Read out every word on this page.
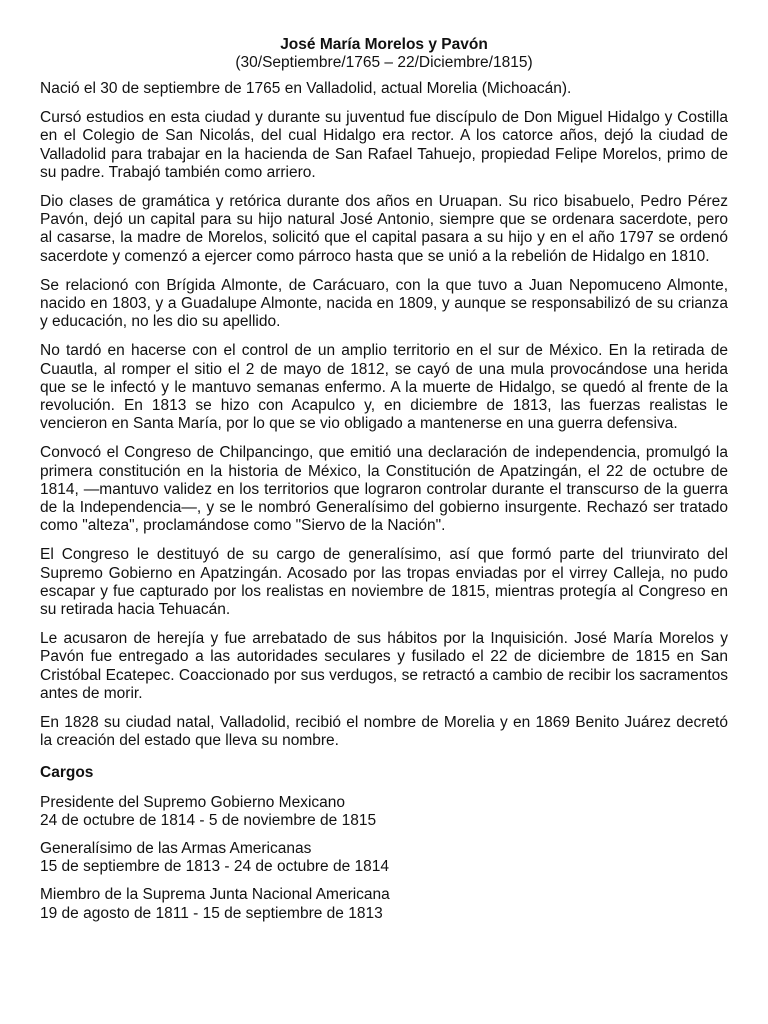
José María Morelos y Pavón

(30/Septiembre/1765 – 22/Diciembre/1815)

Nació el 30 de septiembre de 1765 en Valladolid, actual Morelia (Michoacán).

Cursó estudios en esta ciudad y durante su juventud fue discípulo de Don Miguel Hidalgo y Costilla en el Colegio de San Nicolás, del cual Hidalgo era rector. A los catorce años, dejó la ciudad de Valladolid para trabajar en la hacienda de San Rafael Tahuejo, propiedad Felipe Morelos, primo de su padre. Trabajó también como arriero.

Dio clases de gramática y retórica durante dos años en Uruapan. Su rico bisabuelo, Pedro Pérez Pavón, dejó un capital para su hijo natural José Antonio, siempre que se ordenara sacerdote, pero al casarse, la madre de Morelos, solicitó que el capital pasara a su hijo y en el año 1797 se ordenó sacerdote y comenzó a ejercer como párroco hasta que se unió a la rebelión de Hidalgo en 1810.

Se relacionó con Brígida Almonte, de Carácuaro, con la que tuvo a Juan Nepomuceno Almonte, nacido en 1803, y a Guadalupe Almonte, nacida en 1809, y aunque se responsabilizó de su crianza y educación, no les dio su apellido.

No tardó en hacerse con el control de un amplio territorio en el sur de México. En la retirada de Cuautla, al romper el sitio el 2 de mayo de 1812, se cayó de una mula provocándose una herida que se le infectó y le mantuvo semanas enfermo. A la muerte de Hidalgo, se quedó al frente de la revolución. En 1813 se hizo con Acapulco y, en diciembre de 1813, las fuerzas realistas le vencieron en Santa María, por lo que se vio obligado a mantenerse en una guerra defensiva.

Convocó el Congreso de Chilpancingo, que emitió una declaración de independencia, promulgó la primera constitución en la historia de México, la Constitución de Apatzingán, el 22 de octubre de 1814, —mantuvo validez en los territorios que lograron controlar durante el transcurso de la guerra de la Independencia—, y se le nombró Generalísimo del gobierno insurgente. Rechazó ser tratado como "alteza", proclamándose como "Siervo de la Nación".

El Congreso le destituyó de su cargo de generalísimo, así que formó parte del triunvirato del Supremo Gobierno en Apatzingán. Acosado por las tropas enviadas por el virrey Calleja, no pudo escapar y fue capturado por los realistas en noviembre de 1815, mientras protegía al Congreso en su retirada hacia Tehuacán.

Le acusaron de herejía y fue arrebatado de sus hábitos por la Inquisición. José María Morelos y Pavón fue entregado a las autoridades seculares y fusilado el 22 de diciembre de 1815 en San Cristóbal Ecatepec. Coaccionado por sus verdugos, se retractó a cambio de recibir los sacramentos antes de morir.

En 1828 su ciudad natal, Valladolid, recibió el nombre de Morelia y en 1869 Benito Juárez decretó la creación del estado que lleva su nombre.

Cargos

Presidente del Supremo Gobierno Mexicano
24 de octubre de 1814 - 5 de noviembre de 1815
Generalísimo de las Armas Americanas
15 de septiembre de 1813 - 24 de octubre de 1814
Miembro de la Suprema Junta Nacional Americana
19 de agosto de 1811 - 15 de septiembre de 1813
